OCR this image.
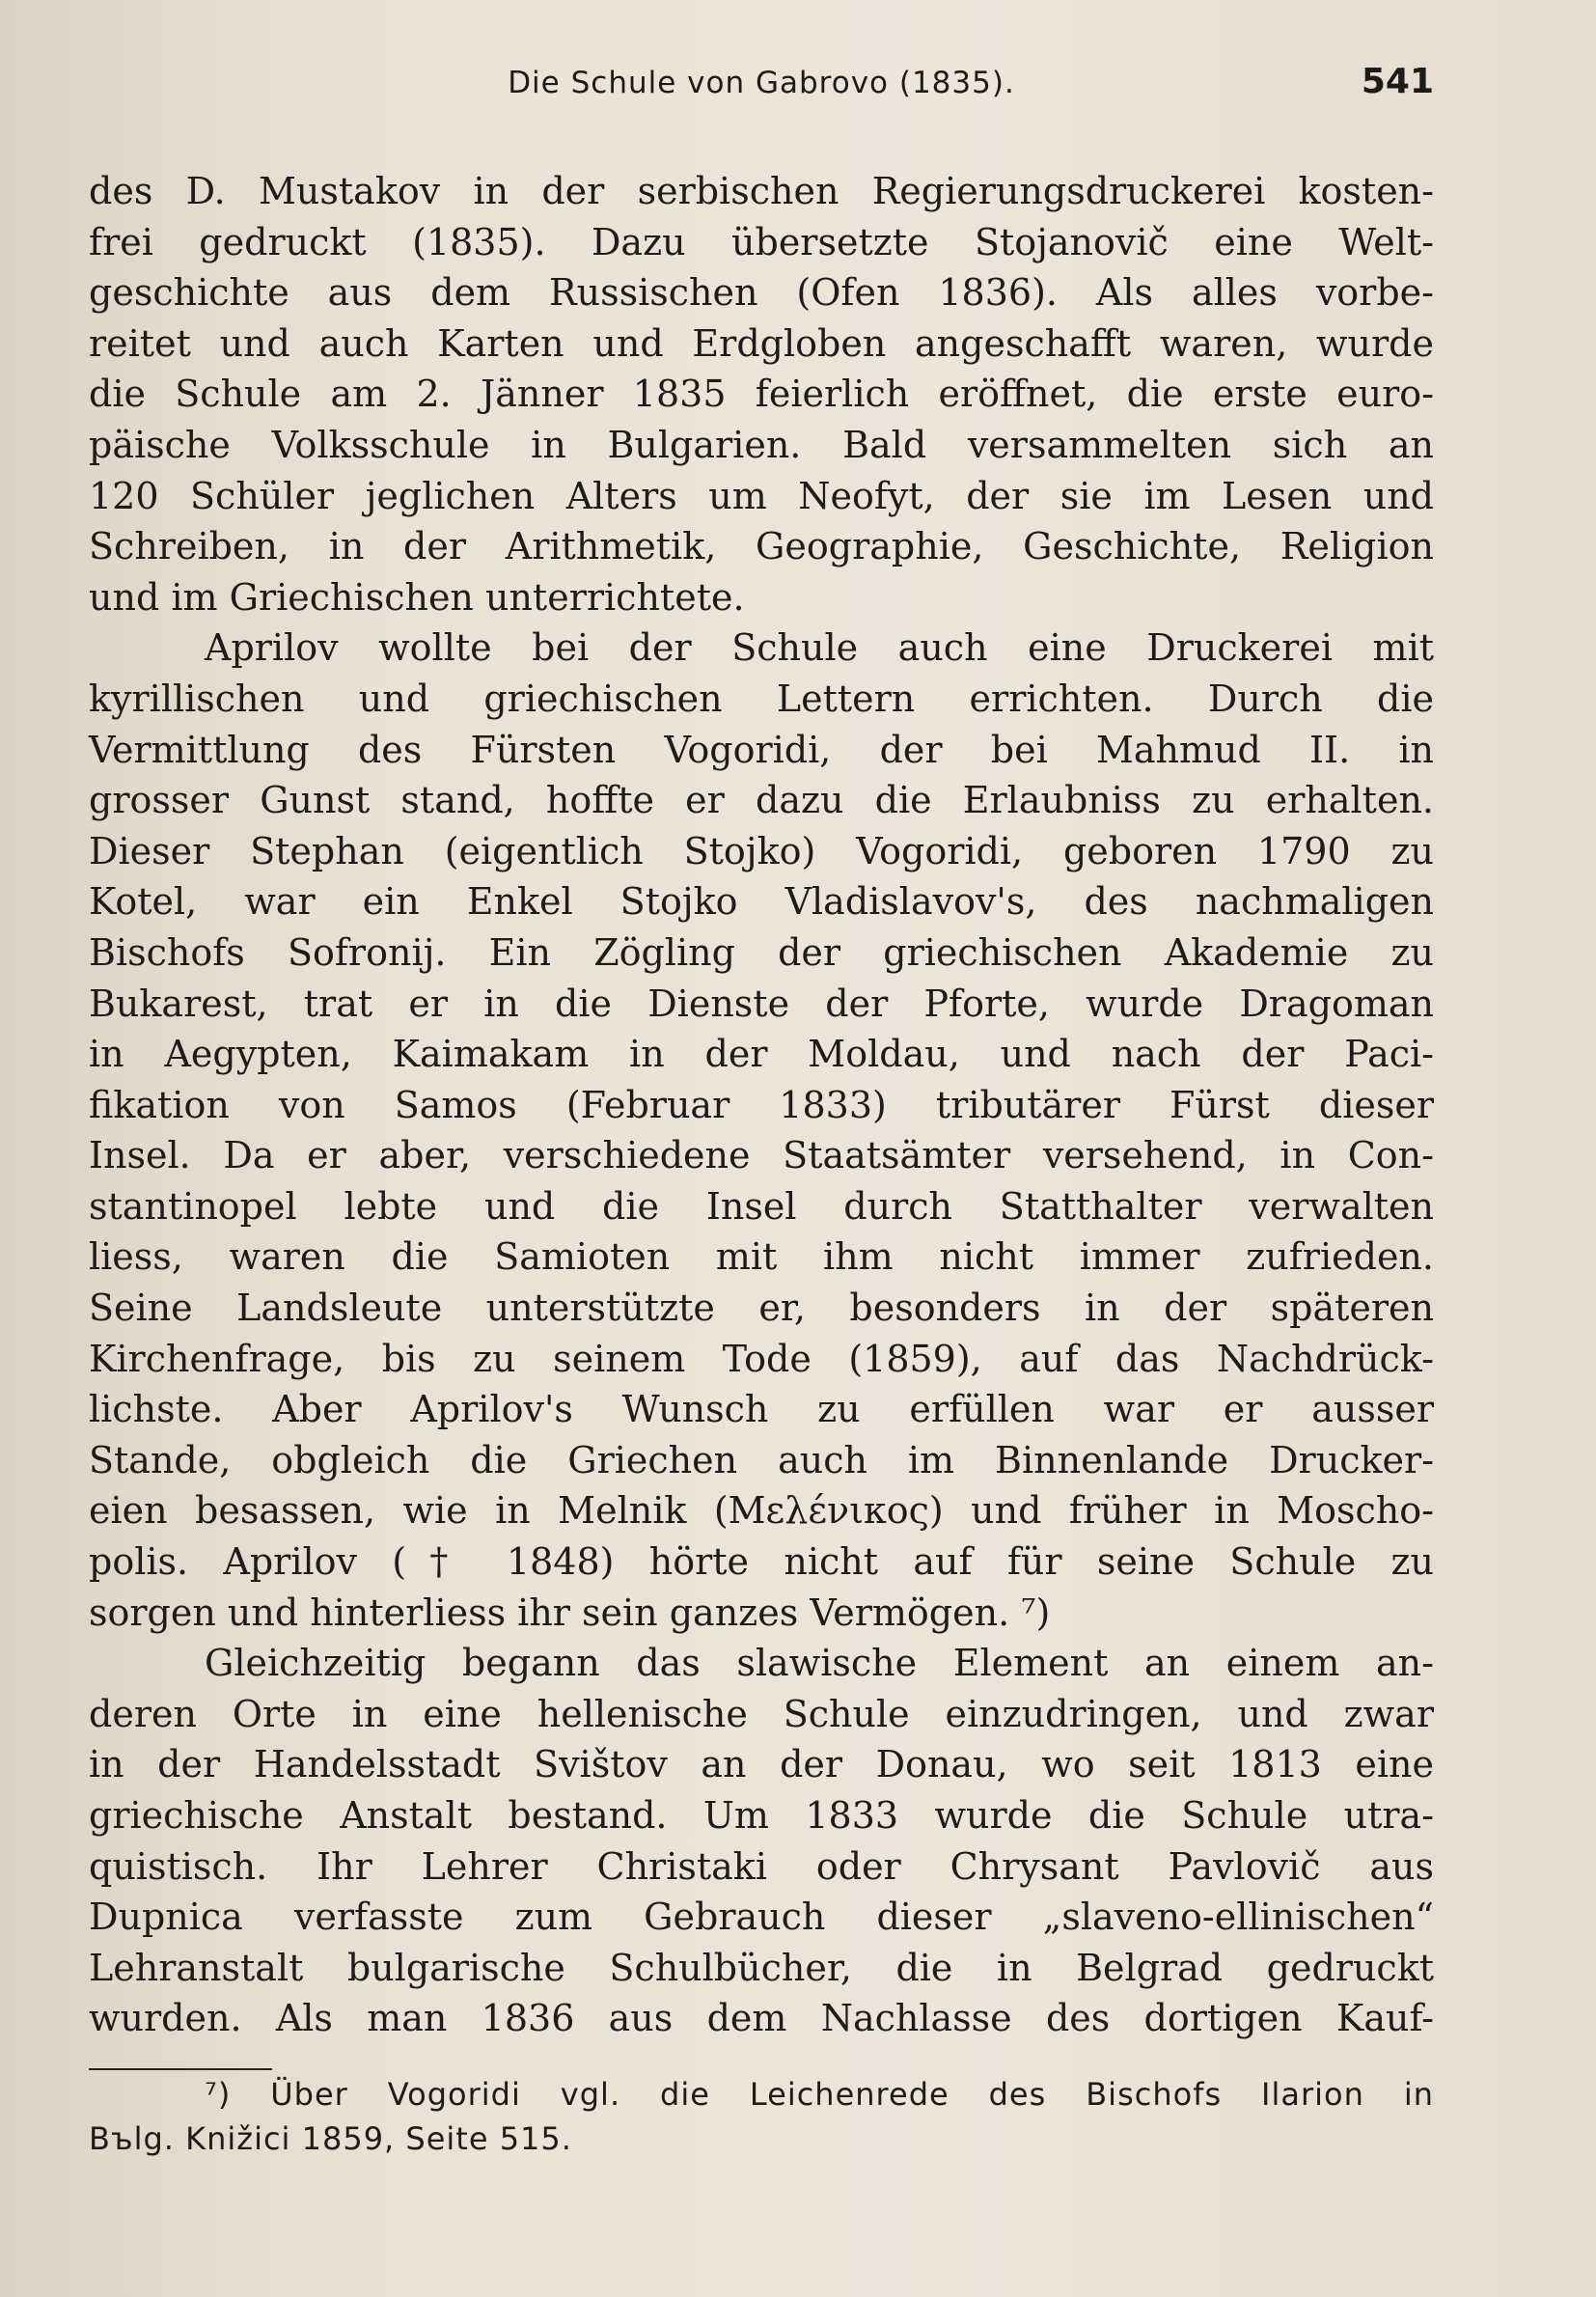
Die Schule von Gabrovo (1835).	541
des D. Mustakov in der serbischen Regierungsdruckerei kosten-
frei gedruckt (1835). Dazu übersetzte Stojanovič eine Welt-
geschichte aus dem Russischen (Ofen 1836). Als alles vorbe-
reitet und auch Karten und Erdgloben angeschafft waren, wurde
die Schule am 2. Jänner 1835 feierlich eröffnet, die erste euro-
päische Volksschule in Bulgarien. Bald versammelten sich an
120 Schüler jeglichen Alters um Neofyt, der sie im Lesen und
Schreiben, in der Arithmetik, Geographie, Geschichte, Religion
und im Griechischen unterrichtete.
Aprilov wollte bei der Schule auch eine Druckerei mit
kyrillischen und griechischen Lettern errichten. Durch die
Vermittlung des Fürsten Vogoridi, der bei Mahmud II. in
grosser Gunst stand, hoffte er dazu die Erlaubniss zu erhalten.
Dieser Stephan (eigentlich Stojko) Vogoridi, geboren 1790 zu
Kotel, war ein Enkel Stojko Vladislavov's, des nachmaligen
Bischofs Sofronij. Ein Zögling der griechischen Akademie zu
Bukarest, trat er in die Dienste der Pforte, wurde Dragoman
in Aegypten, Kaimakam in der Moldau, und nach der Paci-
fikation von Samos (Februar 1833) tributärer Fürst dieser
Insel. Da er aber, verschiedene Staatsämter versehend, in Con-
stantinopel lebte und die Insel durch Statthalter verwalten
liess, waren die Samioten mit ihm nicht immer zufrieden.
Seine Landsleute unterstützte er, besonders in der späteren
Kirchenfrage, bis zu seinem Tode (1859), auf das Nachdrück-
lichste. Aber Aprilov's Wunsch zu erfüllen war er ausser
Stande, obgleich die Griechen auch im Binnenlande Drucker-
eien besassen, wie in Melnik (Μελένικος) und früher in Moscho-
polis. Aprilov († 1848) hörte nicht auf für seine Schule zu
sorgen und hinterliess ihr sein ganzes Vermögen. ⁷)
Gleichzeitig begann das slawische Element an einem an-
deren Orte in eine hellenische Schule einzudringen, und zwar
in der Handelsstadt Svištov an der Donau, wo seit 1813 eine
griechische Anstalt bestand. Um 1833 wurde die Schule utra-
quistisch. Ihr Lehrer Christaki oder Chrysant Pavlovič aus
Dupnica verfasste zum Gebrauch dieser „slaveno-ellinischen“
Lehranstalt bulgarische Schulbücher, die in Belgrad gedruckt
wurden. Als man 1836 aus dem Nachlasse des dortigen Kauf-
⁷) Über Vogoridi vgl. die Leichenrede des Bischofs Ilarion in
Bъlg. Knižici 1859, Seite 515.
